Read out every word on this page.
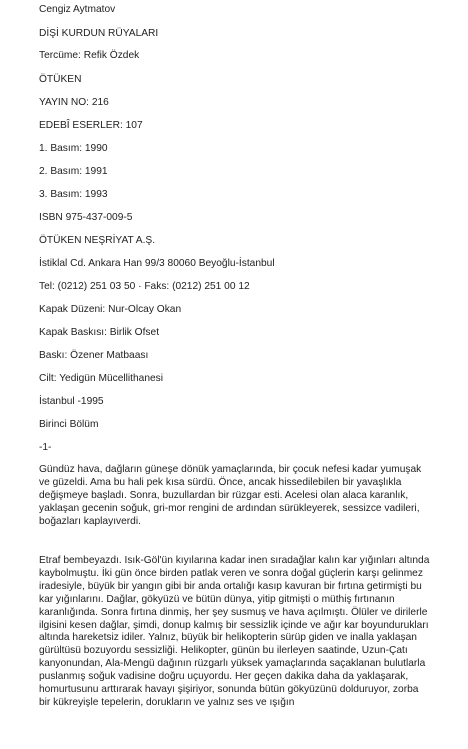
Cengiz Aytmatov
DİŞİ KURDUN RÜYALARI
Tercüme: Refik Özdek
ÖTÜKEN
YAYIN NO: 216
EDEBÎ ESERLER: 107
1. Basım: 1990
2. Basım: 1991
3. Basım: 1993
ISBN 975-437-009-5
ÖTÜKEN NEŞRİYAT A.Ş.
İstiklal Cd. Ankara Han 99/3 80060 Beyoğlu-İstanbul
Tel: (0212) 251 03 50 · Faks: (0212) 251 00 12
Kapak Düzeni: Nur-Olcay Okan
Kapak Baskısı: Birlik Ofset
Baskı: Özener Matbaası
Cilt: Yedigün Mücellithanesi
İstanbul -1995
Birinci Bölüm
-1-
Gündüz hava, dağların güneşe dönük yamaçlarında, bir çocuk nefesi kadar yumuşak ve güzeldi. Ama bu hali pek kısa sürdü. Önce, ancak hissedilebilen bir yavaşlıkla değişmeye başladı. Sonra, buzullardan bir rüzgar esti. Acelesi olan alaca karanlık, yaklaşan gecenin soğuk, gri-mor rengini de ardından sürükleyerek, sessizce vadileri, boğazları kaplayıverdi.
Etraf bembeyazdı. Isık-Göl'ün kıyılarına kadar inen sıradağlar kalın kar yığınları altında kaybolmuştu. İki gün önce birden patlak veren ve sonra doğal güçlerin karşı gelinmez iradesiyle, büyük bir yangın gibi bir anda ortalığı kasıp kavuran bir fırtına getirmişti bu kar yığınlarını. Dağlar, gökyüzü ve bütün dünya, yitip gitmişti o müthiş fırtınanın karanlığında. Sonra fırtına dinmiş, her şey susmuş ve hava açılmıştı. Ölüler ve dirilerle ilgisini kesen dağlar, şimdi, donup kalmış bir sessizlik içinde ve ağır kar boyundurukları altında hareketsiz idiler. Yalnız, büyük bir helikopterin sürüp giden ve inalla yaklaşan gürültüsü bozuyordu sessizliği. Helikopter, günün bu ilerleyen saatinde, Uzun-Çatı kanyonundan, Ala-Mengü dağının rüzgarlı yüksek yamaçlarında saçaklanan bulutlarla puslanmış soğuk vadisine doğru uçuyordu. Her geçen dakika daha da yaklaşarak, homurtusunu arttırarak havayı şişiriyor, sonunda bütün gökyüzünü dolduruyor, zorba bir kükreyişle tepelerin, dorukların ve yalnız ses ve ışığın
